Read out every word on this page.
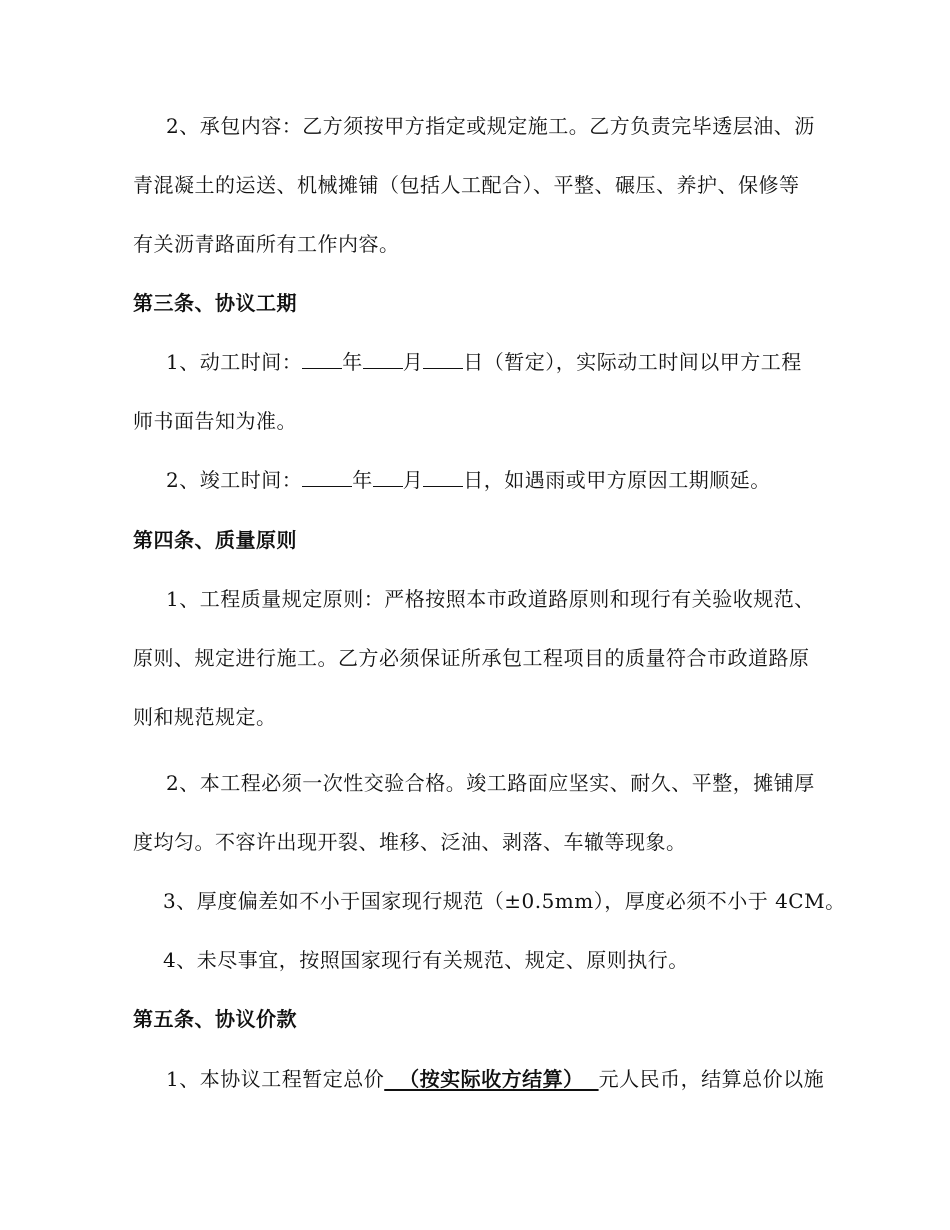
2、承包内容：乙方须按甲方指定或规定施工。乙方负责完毕透层油、沥
青混凝土的运送、机械摊铺（包括人工配合）、平整、碾压、养护、保修等
有关沥青路面所有工作内容。
第三条、协议工期
1、动工时间： 年 月 日（暂定），实际动工时间以甲方工程
师书面告知为准。
2、竣工时间：	年 月 日，如遇雨或甲方原因工期顺延。
第四条、质量原则
1、工程质量规定原则：严格按照本市政道路原则和现行有关验收规范、
原则、规定进行施工。乙方必须保证所承包工程项目的质量符合市政道路原
则和规范规定。
2、本工程必须一次性交验合格。竣工路面应坚实、耐久、平整，摊铺厚
度均匀。不容许出现开裂、堆移、泛油、剥落、车辙等现象。
3、厚度偏差如不小于国家现行规范（±0.5mm），厚度必须不小于 4CM。
4、未尽事宜，按照国家现行有关规范、规定、原则执行。
第五条、协议价款
1、本协议工程暂定总价  （按实际收方结算）  元人民币，结算总价以施
